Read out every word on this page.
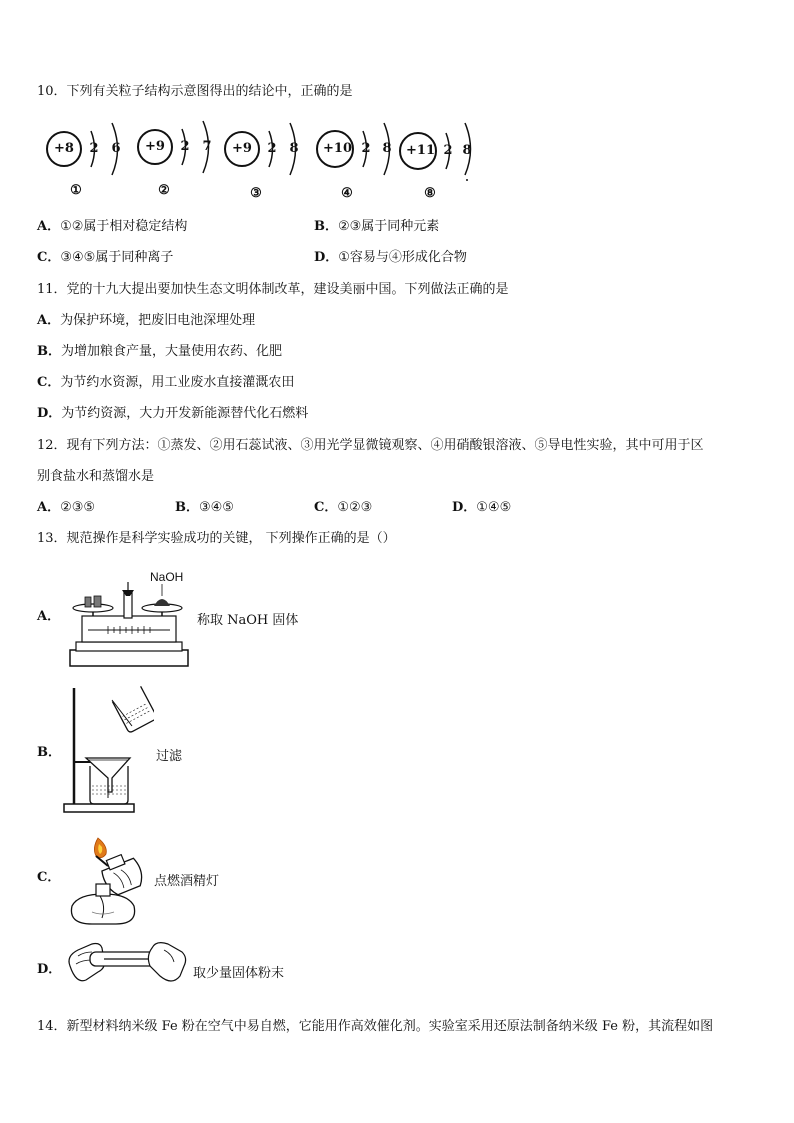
10．下列有关粒子结构示意图得出的结论中，正确的是
+8	2 6
①
+9	2 7
②
+9	2 8
③
+10 2 8
④
+11 2 8
⑧
A．①②属于相对稳定结构	B．②③属于同种元素
C．③④⑤属于同种离子	D．①容易与④形成化合物
11．党的十九大提出要加快生态文明体制改革，建设美丽中国。下列做法正确的是
A．为保护环境，把废旧电池深埋处理
B．为增加粮食产量，大量使用农药、化肥
C．为节约水资源，用工业废水直接灌溉农田
D．为节约资源，大力开发新能源替代化石燃料
12．现有下列方法：①蒸发、②用石蕊试液、③用光学显微镜观察、④用硝酸银溶液、⑤导电性实验，其中可用于区
别食盐水和蒸馏水是
A．②③⑤	B．③④⑤	C．①②③	D．①④⑤
13．规范操作是科学实验成功的关键， 下列操作正确的是（）
A．
NaOH
称取 NaOH 固体
B．	过滤
C．	点燃酒精灯
D．	取少量固体粉末
14．新型材料纳米级 Fe 粉在空气中易自燃，它能用作高效催化剂。实验室采用还原法制备纳米级 Fe 粉，其流程如图
